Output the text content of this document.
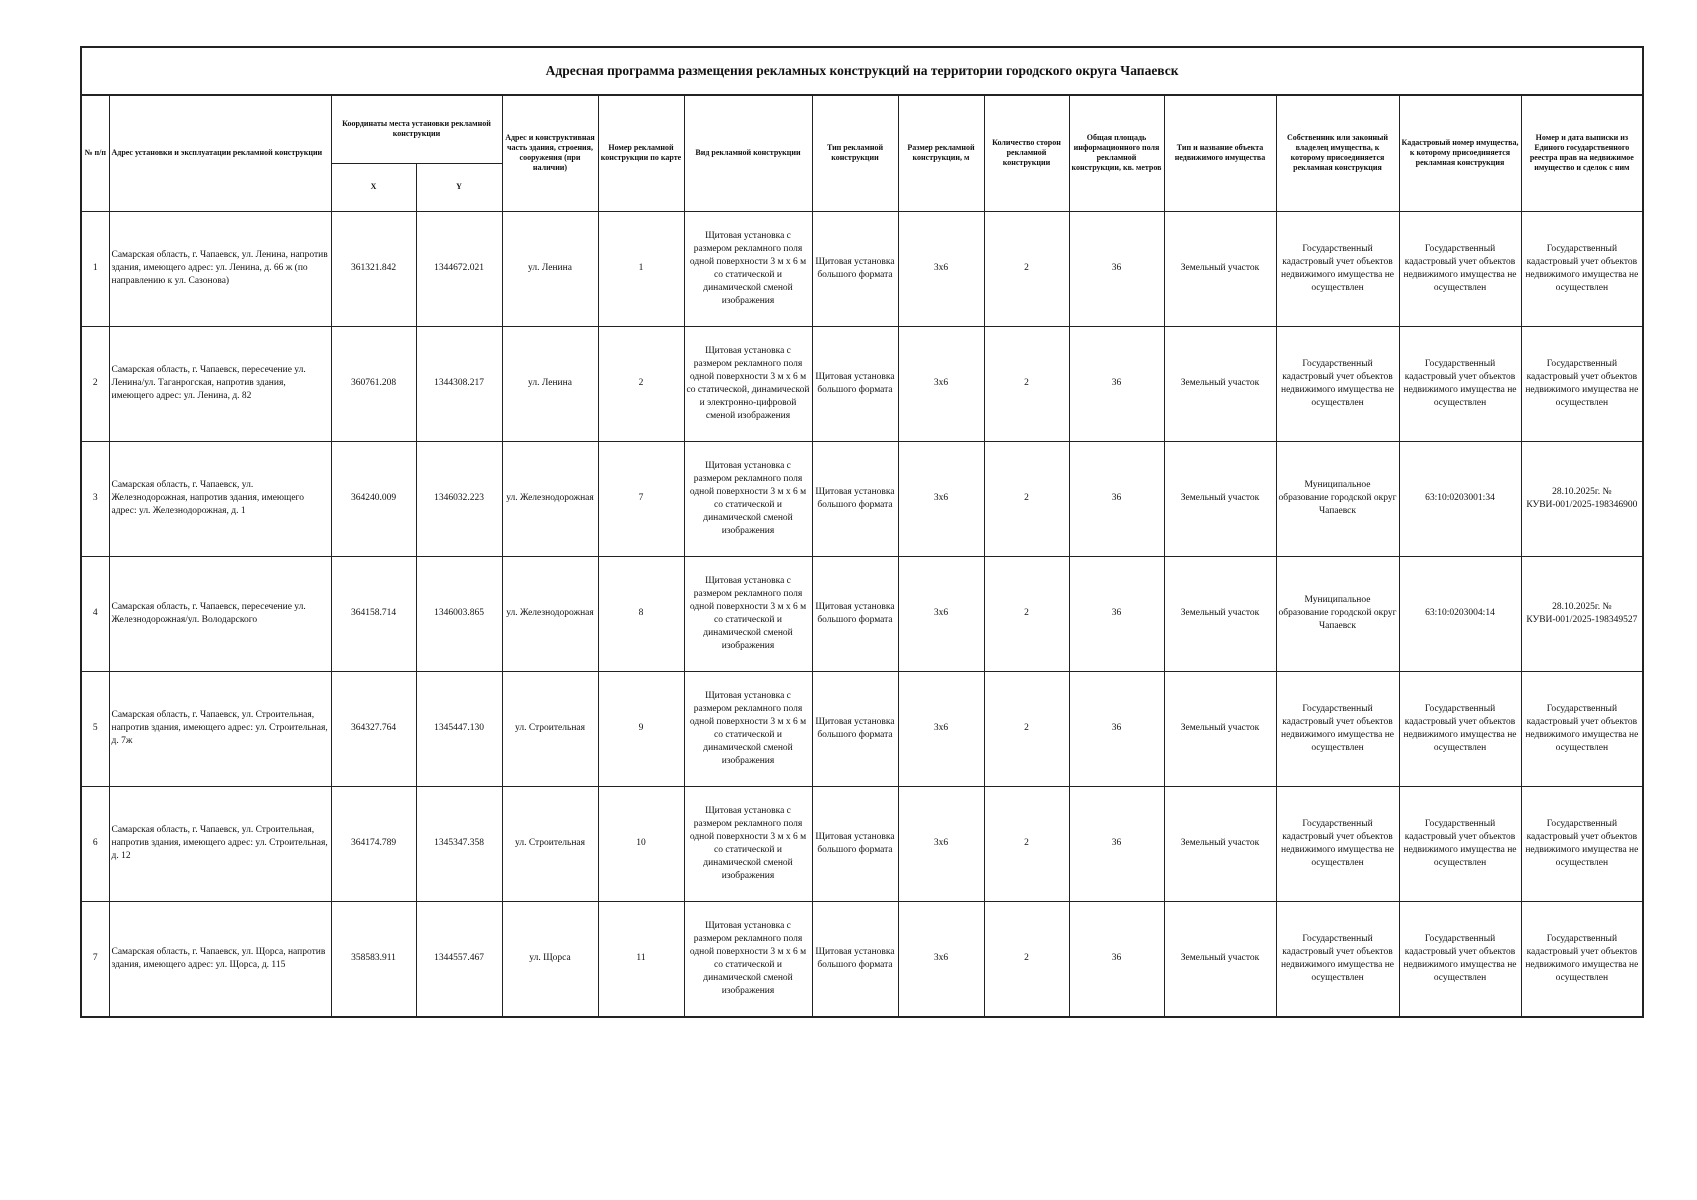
Адресная программа размещения рекламных конструкций на территории городского округа Чапаевск														
№ п/п	Адрес установки и эксплуатации рекламной конструкции	Координаты места установки рекламной конструкции		Адрес и конструктивная часть здания, строения, сооружения (при наличии)	Номер рекламной конструкции по карте	Вид рекламной конструкции	Тип рекламной конструкции	Размер рекламной конструкции, м	Количество сторон рекламной конструкции	Общая площадь информационного поля рекламной конструкции, кв. метров	Тип и название объекта недвижимого имущества	Собственник или законный владелец имущества, к которому присоединяется рекламная конструкция	Кадастровый номер имущества, к которому присоединяется рекламная конструкция	Номер и дата выписки из Единого государственного реестра прав на недвижимое имущество и сделок с ним
		X	Y											
1	Самарская область, г. Чапаевск, ул. Ленина, напротив здания, имеющего адрес: ул. Ленина, д. 66 ж (по направлению к ул. Сазонова)	361321.842	1344672.021	ул. Ленина	1	Щитовая установка с размером рекламного поля одной поверхности 3 м х 6 м со статической и динамической сменой изображения	Щитовая установка большого формата	3х6	2	36	Земельный участок	Государственный кадастровый учет объектов недвижимого имущества не осуществлен	Государственный кадастровый учет объектов недвижимого имущества не осуществлен	Государственный кадастровый учет объектов недвижимого имущества не осуществлен
2	Самарская область, г. Чапаевск, пересечение ул. Ленина/ул. Таганрогская, напротив здания, имеющего адрес: ул. Ленина, д. 82	360761.208	1344308.217	ул. Ленина	2	Щитовая установка с размером рекламного поля одной поверхности 3 м х 6 м со статической, динамической и электронно-цифровой сменой изображения	Щитовая установка большого формата	3х6	2	36	Земельный участок	Государственный кадастровый учет объектов недвижимого имущества не осуществлен	Государственный кадастровый учет объектов недвижимого имущества не осуществлен	Государственный кадастровый учет объектов недвижимого имущества не осуществлен
3	Самарская область, г. Чапаевск, ул. Железнодорожная, напротив здания, имеющего адрес: ул. Железнодорожная, д. 1	364240.009	1346032.223	ул. Железнодорожная	7	Щитовая установка с размером рекламного поля одной поверхности 3 м х 6 м со статической и динамической сменой изображения	Щитовая установка большого формата	3х6	2	36	Земельный участок	Муниципальное образование городской округ Чапаевск	63:10:0203001:34	28.10.2025г. № КУВИ-001/2025-198346900
4	Самарская область, г. Чапаевск, пересечение ул. Железнодорожная/ул. Володарского	364158.714	1346003.865	ул. Железнодорожная	8	Щитовая установка с размером рекламного поля одной поверхности 3 м х 6 м со статической и динамической сменой изображения	Щитовая установка большого формата	3х6	2	36	Земельный участок	Муниципальное образование городской округ Чапаевск	63:10:0203004:14	28.10.2025г. № КУВИ-001/2025-198349527
5	Самарская область, г. Чапаевск, ул. Строительная, напротив здания, имеющего адрес: ул. Строительная, д. 7ж	364327.764	1345447.130	ул. Строительная	9	Щитовая установка с размером рекламного поля одной поверхности 3 м х 6 м со статической и динамической сменой изображения	Щитовая установка большого формата	3х6	2	36	Земельный участок	Государственный кадастровый учет объектов недвижимого имущества не осуществлен	Государственный кадастровый учет объектов недвижимого имущества не осуществлен	Государственный кадастровый учет объектов недвижимого имущества не осуществлен
6	Самарская область, г. Чапаевск, ул. Строительная, напротив здания, имеющего адрес: ул. Строительная, д. 12	364174.789	1345347.358	ул. Строительная	10	Щитовая установка с размером рекламного поля одной поверхности 3 м х 6 м со статической и динамической сменой изображения	Щитовая установка большого формата	3х6	2	36	Земельный участок	Государственный кадастровый учет объектов недвижимого имущества не осуществлен	Государственный кадастровый учет объектов недвижимого имущества не осуществлен	Государственный кадастровый учет объектов недвижимого имущества не осуществлен
7	Самарская область, г. Чапаевск, ул. Щорса, напротив здания, имеющего адрес: ул. Щорса, д. 115	358583.911	1344557.467	ул. Щорса	11	Щитовая установка с размером рекламного поля одной поверхности 3 м х 6 м со статической и динамической сменой изображения	Щитовая установка большого формата	3х6	2	36	Земельный участок	Государственный кадастровый учет объектов недвижимого имущества не осуществлен	Государственный кадастровый учет объектов недвижимого имущества не осуществлен	Государственный кадастровый учет объектов недвижимого имущества не осуществлен
